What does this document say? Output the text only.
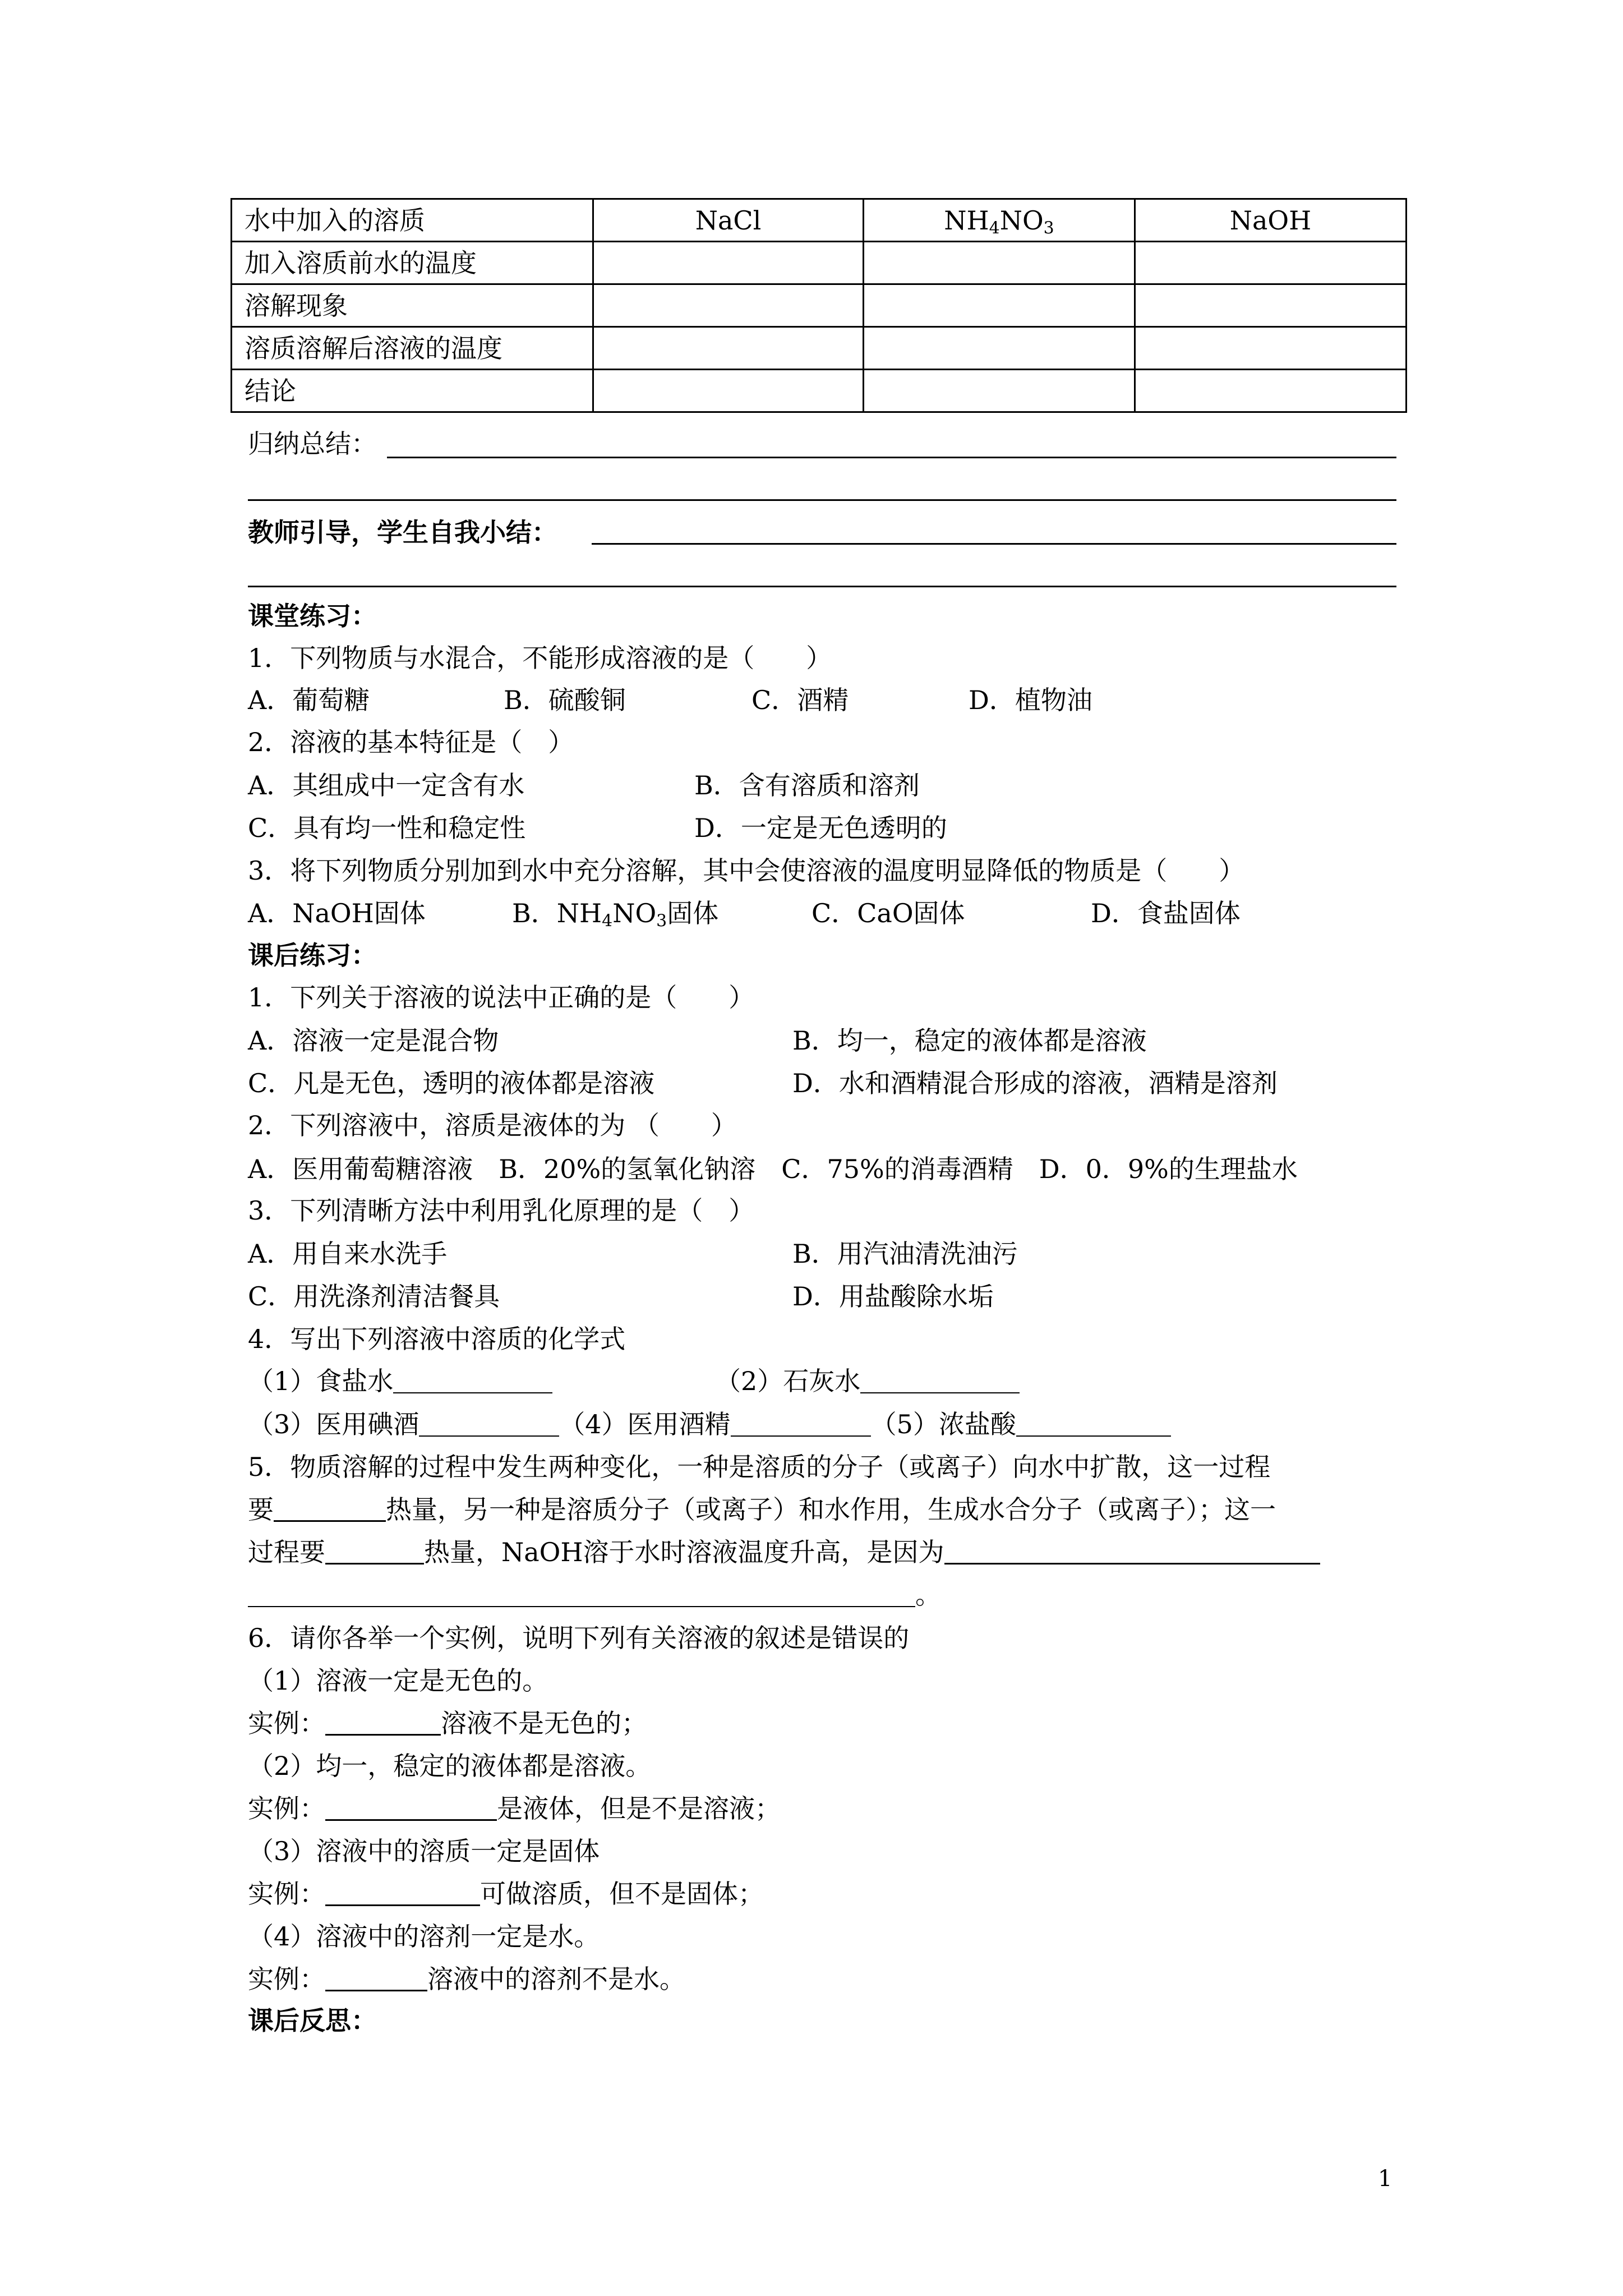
水中加入的溶质	NaCl	$NH_4NO_3$	NaOH
加入溶质前水的温度			
溶解现象			
溶质溶解后溶液的温度			
结论			
归纳总结：
教师引导，学生自我小结：
课堂练习：
1．下列物质与水混合，不能形成溶液的是（　　）
A．葡萄糖	B．硫酸铜	C．酒精	D．植物油
2．溶液的基本特征是（　）
A．其组成中一定含有水	B．含有溶质和溶剂
C．具有均一性和稳定性	D．一定是无色透明的
3．将下列物质分别加到水中充分溶解，其中会使溶液的温度明显降低的物质是（　　）
A．NaOH固体	B．$NH_4NO_3$固体	C．CaO固体	D．食盐固体
课后练习：
1．下列关于溶液的说法中正确的是（　　）
A．溶液一定是混合物	B．均一，稳定的液体都是溶液
C．凡是无色，透明的液体都是溶液	D．水和酒精混合形成的溶液，酒精是溶剂
2．下列溶液中，溶质是液体的为 （　　）
A．医用葡萄糖溶液　B．20%的氢氧化钠溶　C．75%的消毒酒精　D．0．9%的生理盐水
3．下列清晰方法中利用乳化原理的是（　）
A．用自来水洗手	B．用汽油清洗油污
C．用洗涤剂清洁餐具	D．用盐酸除水垢
4．写出下列溶液中溶质的化学式
（1）食盐水	（2）石灰水
（3）医用碘酒	（4）医用酒精	（5）浓盐酸
5．物质溶解的过程中发生两种变化，一种是溶质的分子（或离子）向水中扩散，这一过程
要	热量，另一种是溶质分子（或离子）和水作用，生成水合分子（或离子）；这一
过程要	热量，NaOH溶于水时溶液温度升高，是因为
。
6．请你各举一个实例，说明下列有关溶液的叙述是错误的
（1）溶液一定是无色的。
实例：	溶液不是无色的；
（2）均一，稳定的液体都是溶液。
实例：	是液体，但是不是溶液；
（3）溶液中的溶质一定是固体
实例：	可做溶质，但不是固体；
（4）溶液中的溶剂一定是水。
实例：	溶液中的溶剂不是水。
课后反思：
1
